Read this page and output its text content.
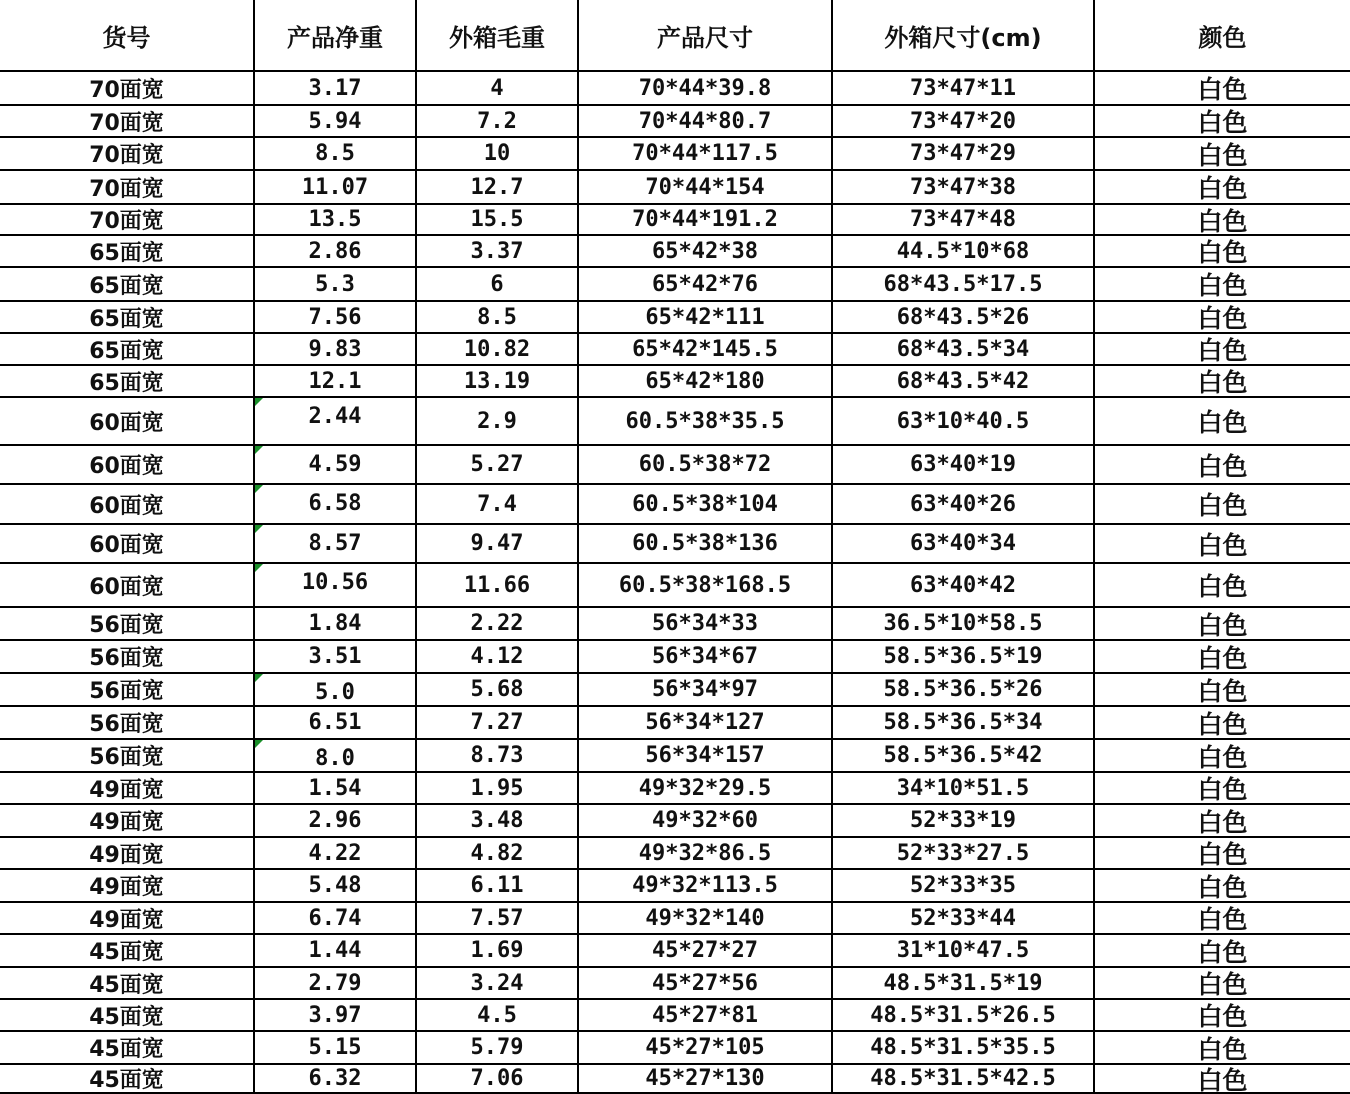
货号	产品净重	外箱毛重	产品尺寸	外箱尺寸(cm)	颜色
70面宽	3.17	4	70*44*39.8	73*47*11	白色
70面宽	5.94	7.2	70*44*80.7	73*47*20	白色
70面宽	8.5	10	70*44*117.5	73*47*29	白色
70面宽	11.07	12.7	70*44*154	73*47*38	白色
70面宽	13.5	15.5	70*44*191.2	73*47*48	白色
65面宽	2.86	3.37	65*42*38	44.5*10*68	白色
65面宽	5.3	6	65*42*76	68*43.5*17.5	白色
65面宽	7.56	8.5	65*42*111	68*43.5*26	白色
65面宽	9.83	10.82	65*42*145.5	68*43.5*34	白色
65面宽	12.1	13.19	65*42*180	68*43.5*42	白色
60面宽	2.44	2.9	60.5*38*35.5	63*10*40.5	白色
60面宽	4.59	5.27	60.5*38*72	63*40*19	白色
60面宽	6.58	7.4	60.5*38*104	63*40*26	白色
60面宽	8.57	9.47	60.5*38*136	63*40*34	白色
60面宽	10.56	11.66	60.5*38*168.5	63*40*42	白色
56面宽	1.84	2.22	56*34*33	36.5*10*58.5	白色
56面宽	3.51	4.12	56*34*67	58.5*36.5*19	白色
56面宽	5.0	5.68	56*34*97	58.5*36.5*26	白色
56面宽	6.51	7.27	56*34*127	58.5*36.5*34	白色
56面宽	8.0	8.73	56*34*157	58.5*36.5*42	白色
49面宽	1.54	1.95	49*32*29.5	34*10*51.5	白色
49面宽	2.96	3.48	49*32*60	52*33*19	白色
49面宽	4.22	4.82	49*32*86.5	52*33*27.5	白色
49面宽	5.48	6.11	49*32*113.5	52*33*35	白色
49面宽	6.74	7.57	49*32*140	52*33*44	白色
45面宽	1.44	1.69	45*27*27	31*10*47.5	白色
45面宽	2.79	3.24	45*27*56	48.5*31.5*19	白色
45面宽	3.97	4.5	45*27*81	48.5*31.5*26.5	白色
45面宽	5.15	5.79	45*27*105	48.5*31.5*35.5	白色
45面宽	6.32	7.06	45*27*130	48.5*31.5*42.5	白色
